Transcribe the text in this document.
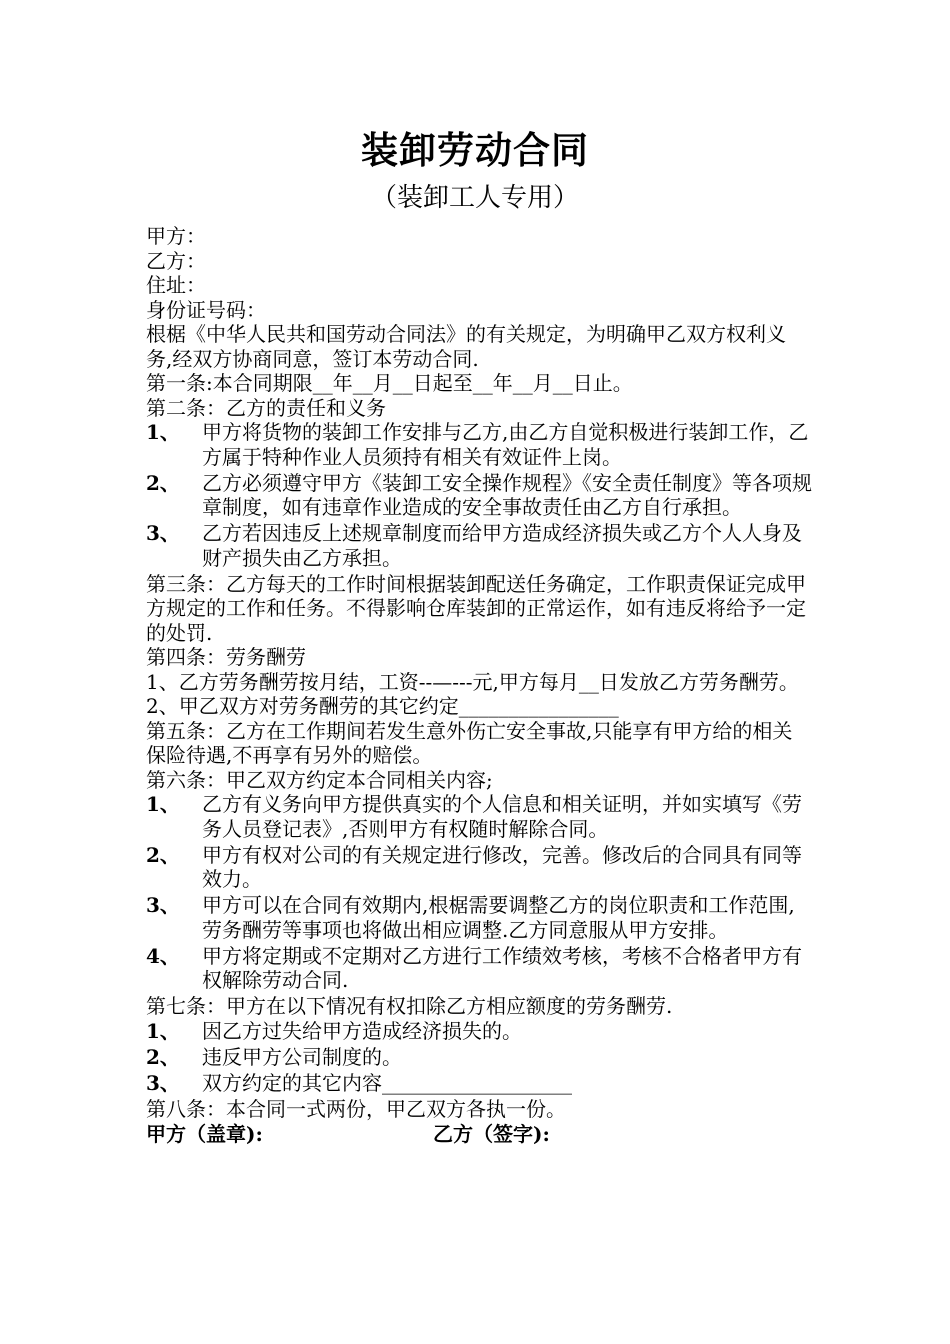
装卸劳动合同
（装卸工人专用）

甲方：

乙方：

住址：

身份证号码：

根椐《中华人民共和国劳动合同法》的有关规定，为明确甲乙双方权利义务,经双方协商同意，签订本劳动合同.

第一条:本合同期限__年__月__日起至__年__月__日止。

第二条：乙方的责任和义务

1、	甲方将货物的装卸工作安排与乙方,由乙方自觉积极进行装卸工作，乙方属于特种作业人员须持有相关有效证件上岗。
2、	乙方必须遵守甲方《装卸工安全操作规程》《安全责任制度》等各项规章制度，如有违章作业造成的安全事故责任由乙方自行承担。
3、	乙方若因违反上述规章制度而给甲方造成经济损失或乙方个人人身及财产损失由乙方承担。

第三条：乙方每天的工作时间根据装卸配送任务确定，工作职责保证完成甲方规定的工作和任务。不得影响仓库装卸的正常运作，如有违反将给予一定的处罚.

第四条：劳务酬劳

1、乙方劳务酬劳按月结，工资--—---元,甲方每月__日发放乙方劳务酬劳。

2、甲乙双方对劳务酬劳的其它约定________________

第五条：乙方在工作期间若发生意外伤亡安全事故,只能享有甲方给的相关保险待遇,不再享有另外的赔偿。

第六条：甲乙双方约定本合同相关内容;

1、	乙方有义务向甲方提供真实的个人信息和相关证明，并如实填写《劳务人员登记表》,否则甲方有权随时解除合同。
2、	甲方有权对公司的有关规定进行修改，完善。修改后的合同具有同等效力。
3、	甲方可以在合同有效期内,根椐需要调整乙方的岗位职责和工作范围,劳务酬劳等事项也将做出相应调整.乙方同意服从甲方安排。
4、	甲方将定期或不定期对乙方进行工作绩效考核，考核不合格者甲方有权解除劳动合同.

第七条：甲方在以下情况有权扣除乙方相应额度的劳务酬劳.

1、	因乙方过失给甲方造成经济损失的。
2、	违反甲方公司制度的。
3、	双方约定的其它内容___________________

第八条：本合同一式两份，甲乙双方各执一份。

甲方（盖章):	乙方（签字):
